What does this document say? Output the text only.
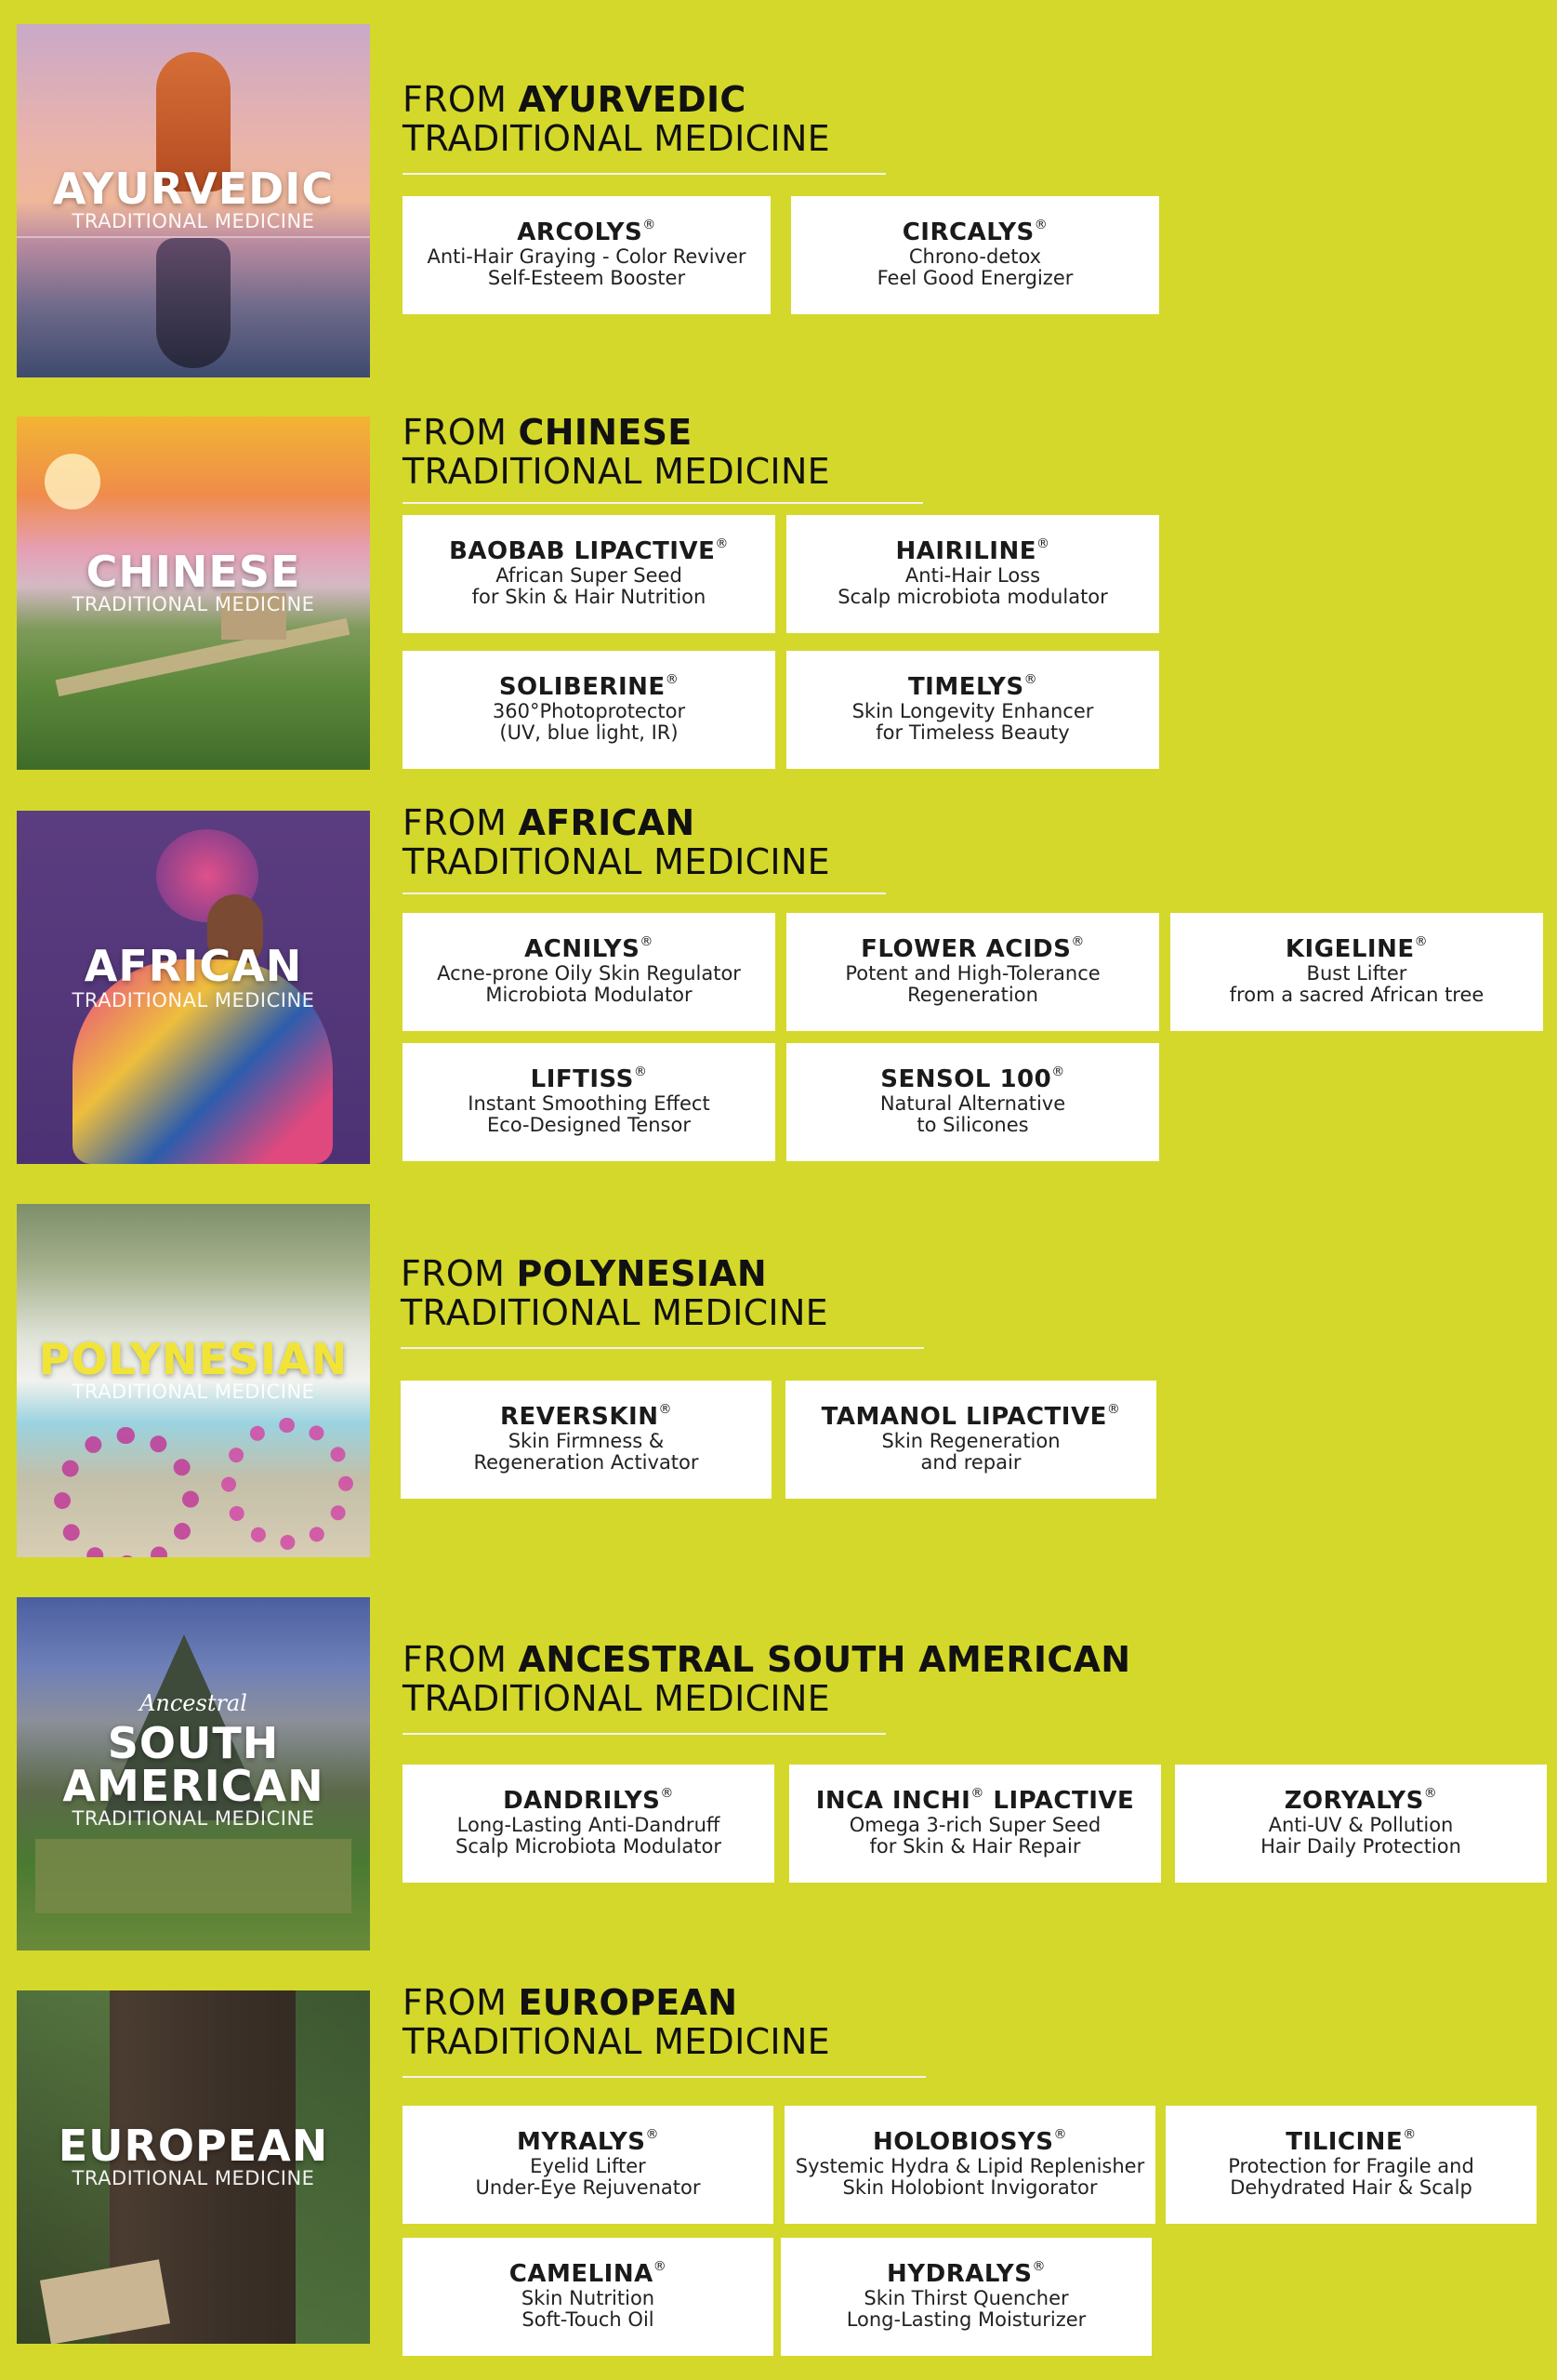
AYURVEDIC
TRADITIONAL MEDICINE
FROM AYURVEDIC
TRADITIONAL MEDICINE
ARCOLYS®
Anti-Hair Graying - Color Reviver
Self-Esteem Booster
CIRCALYS®
Chrono-detox
Feel Good Energizer
CHINESE
TRADITIONAL MEDICINE
FROM CHINESE
TRADITIONAL MEDICINE
BAOBAB LIPACTIVE®
African Super Seed
for Skin & Hair Nutrition
HAIRILINE®
Anti-Hair Loss
Scalp microbiota modulator
SOLIBERINE®
360°Photoprotector
(UV, blue light, IR)
TIMELYS®
Skin Longevity Enhancer
for Timeless Beauty
AFRICAN
TRADITIONAL MEDICINE
FROM AFRICAN
TRADITIONAL MEDICINE
ACNILYS®
Acne-prone Oily Skin Regulator
Microbiota Modulator
FLOWER ACIDS®
Potent and High-Tolerance
Regeneration
KIGELINE®
Bust Lifter
from a sacred African tree
LIFTISS®
Instant Smoothing Effect
Eco-Designed Tensor
SENSOL 100®
Natural Alternative
to Silicones
POLYNESIAN
TRADITIONAL MEDICINE
FROM POLYNESIAN
TRADITIONAL MEDICINE
REVERSKIN®
Skin Firmness &
Regeneration Activator
TAMANOL LIPACTIVE®
Skin Regeneration
and repair
Ancestral
SOUTH
AMERICAN
TRADITIONAL MEDICINE
FROM ANCESTRAL SOUTH AMERICAN
TRADITIONAL MEDICINE
DANDRILYS®
Long-Lasting Anti-Dandruff
Scalp Microbiota Modulator
INCA INCHI® LIPACTIVE
Omega 3-rich Super Seed
for Skin & Hair Repair
ZORYALYS®
Anti-UV & Pollution
Hair Daily Protection
EUROPEAN
TRADITIONAL MEDICINE
FROM EUROPEAN
TRADITIONAL MEDICINE
MYRALYS®
Eyelid Lifter
Under-Eye Rejuvenator
HOLOBIOSYS®
Systemic Hydra & Lipid Replenisher
Skin Holobiont Invigorator
TILICINE®
Protection for Fragile and
Dehydrated Hair & Scalp
CAMELINA®
Skin Nutrition
Soft-Touch Oil
HYDRALYS®
Skin Thirst Quencher
Long-Lasting Moisturizer
